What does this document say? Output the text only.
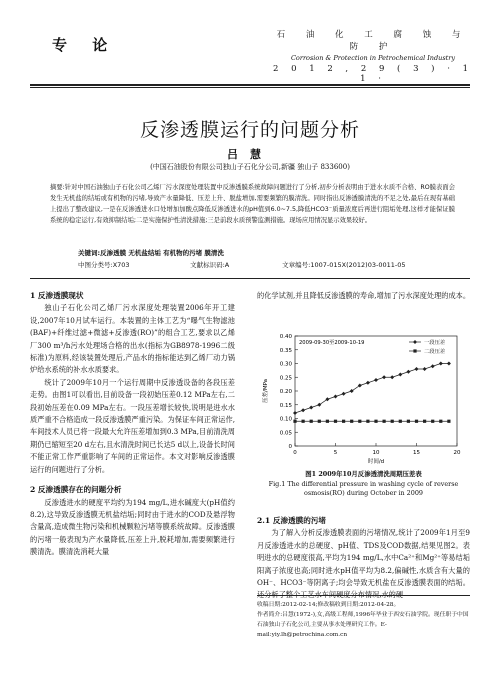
专 论
石 油 化 工 腐 蚀 与 防 护
Corrosion & Protection in Petrochemical Industry
2 0 1 2 , 2 9 ( 3 ) · 1 1 ·
反渗透膜运行的问题分析
吕慧
(中国石油股份有限公司独山子石化分公司,新疆 独山子 833600)
摘要:针对中国石油独山子石化公司乙烯厂污水深度处理装置中反渗透膜系统故障问题进行了分析,初步分析表明由于进水水质不合格、RO膜表面会发生无机盐的结垢或有机物的污堵,导致产水量降低、压差上升、脱盐增加,需要频繁的膜清洗。同时指出反渗透膜清洗的不足之处,最后在现有基础上提出了整改建议,一是在反渗透进水口处增加加酸点降低反渗透进水的pH值到6.0~7.5,降低HCO3⁻质量浓度后再进行阻垢处理,这样才能保证膜系统的稳定运行,有效抑制结垢;二是实施保护性清洗措施;三是前段水质预警监测措施。现场应用情况显示效果较好。
关键词:反渗透膜 无机盐结垢 有机物的污堵 膜清洗
中图分类号:X703	文献标识码:A	文章编号:1007-015X(2012)03-0011-05

1 反渗透膜现状

独山子石化公司乙烯厂污水深度处理装置2006年开工建设,2007年10月试车运行。本装置的主体工艺为“曝气生物滤池(BAF)+纤维过滤+微滤+反渗透(RO)”的组合工艺,要求以乙烯厂300 m³/h污水处理场合格的出水(指标为GB8978-1996二级标准)为原料,经该装置处理后,产品水的指标能达到乙烯厂动力锅炉给水系统的补水水质要求。

统计了2009年10月一个运行周期中反渗透设备的各段压差走势。由图1可以看出,目前设备一段初始压差0.12 MPa左右,二段初始压差在0.09 MPa左右。一段压差增长较快,说明是进水水质严重不合格造成一段反渗透膜严重污染。为保证车间正常运作,车间技术人员已将一段最大允许压差增加到0.3 MPa,目前清洗周期仍已缩短至20 d左右,且水清洗时间已长达5 d以上,设备长时间不能正常工作严重影响了车间的正常运作。本文对影响反渗透膜运行的问题进行了分析。

2 反渗透膜存在的问题分析

反渗透进水的硬度平均约为194 mg/L,进水碱度大(pH值约8.2),这导致反渗透膜无机盐结垢;同时由于进水的COD及悬浮物含量高,造成微生物污染和机械颗粒污堵等膜系统故障。反渗透膜的污堵一般表现为产水量降低,压差上升,脱耗增加,需要频繁进行膜清洗。膜清洗消耗大量

的化学试剂,并且降低反渗透膜的寿命,增加了污水深度处理的成本。

0
0.05
0.10
0.15
0.20
0.25
0.30
0.35
0.40
0	5	10	15	20
时间/d
压差/MPa
2009-09-30至2009-10-19	一段压差
二段压差
图1 2009年10月反渗透清洗周期压差表
Fig.1 The differential pressure in washing cycle of reverse osmosis(RO) during October in 2009

2.1 反渗透膜的污堵

为了解入分析反渗透膜表面的污堵情况,统计了2009年1月至9月反渗透进水的总硬度、pH值、TDS及COD数据,结果见图2。表明进水的总硬度很高,平均为194 mg/L,水中Ca²⁺和Mg²⁺等易结垢阳离子浓度也高;同时进水pH值平均为8.2,偏碱性,水质含有大量的OH⁻、HCO3⁻等阴离子;均会导致无机盐在反渗透膜表面的结垢。还分析了整个工艺水车间硬度分布情况,水的硬

收稿日期:2012-02-14;修改稿收到日期:2012-04-28。
作者简介:吕慧(1972-),女,高级工程师,1996年毕业于西安石油学院。现任职于中国石油独山子石化公司,主要从事水处理研究工作。E-mail:yiy.lh@petrochina.com.cn
